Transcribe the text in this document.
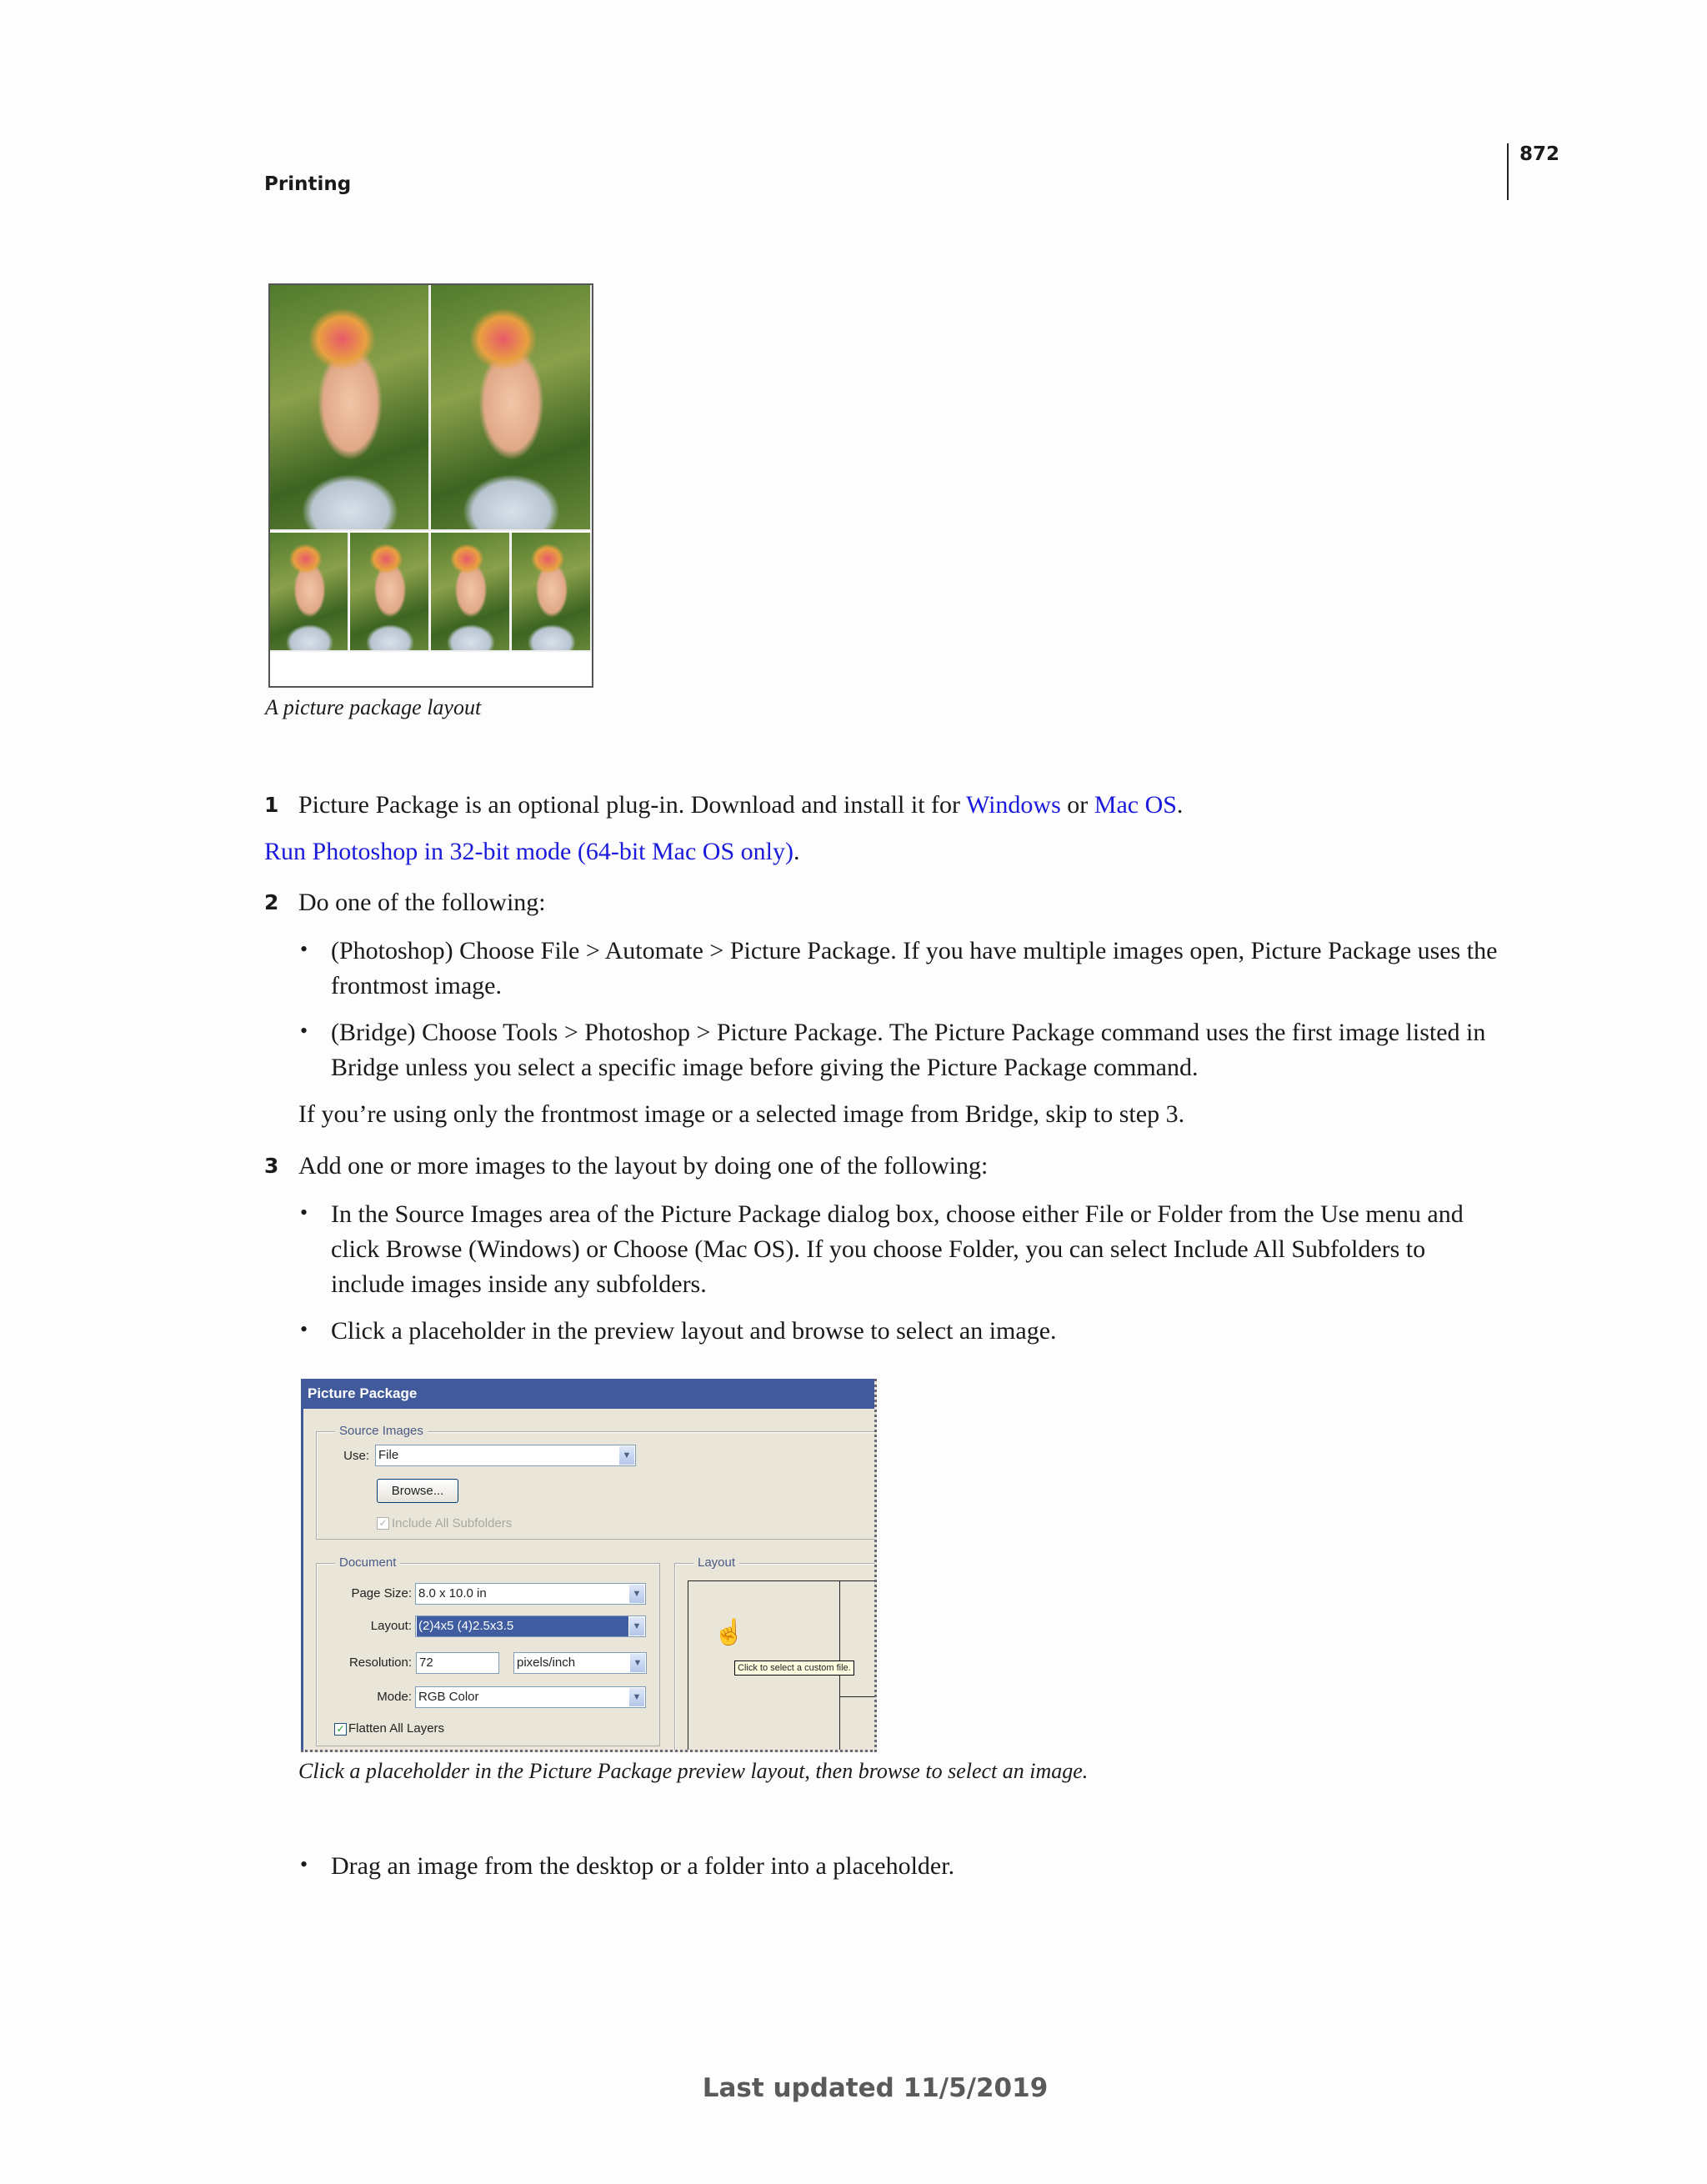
Printing
872
A picture package layout
1 Picture Package is an optional plug-in. Download and install it for Windows or Mac OS.
Run Photoshop in 32-bit mode (64-bit Mac OS only).
2 Do one of the following:
• (Photoshop) Choose File > Automate > Picture Package. If you have multiple images open, Picture Package uses the frontmost image.
• (Bridge) Choose Tools > Photoshop > Picture Package. The Picture Package command uses the first image listed in Bridge unless you select a specific image before giving the Picture Package command.
If you’re using only the frontmost image or a selected image from Bridge, skip to step 3.
3 Add one or more images to the layout by doing one of the following:
• In the Source Images area of the Picture Package dialog box, choose either File or Folder from the Use menu and click Browse (Windows) or Choose (Mac OS). If you choose Folder, you can select Include All Subfolders to include images inside any subfolders.
• Click a placeholder in the preview layout and browse to select an image.
Picture Package
Source Images
Use: File	▼
Browse...
✓ Include All Subfolders
Document
Page Size: 8.0 x 10.0 in	▼
Layout: (2)4x5 (4)2.5x3.5	▼
Resolution: 72	pixels/inch	▼
Mode: RGB Color	▼
✓ Flatten All Layers
Layout
☝
Click to select a custom file.
Click a placeholder in the Picture Package preview layout, then browse to select an image.
• Drag an image from the desktop or a folder into a placeholder.
Last updated 11/5/2019
